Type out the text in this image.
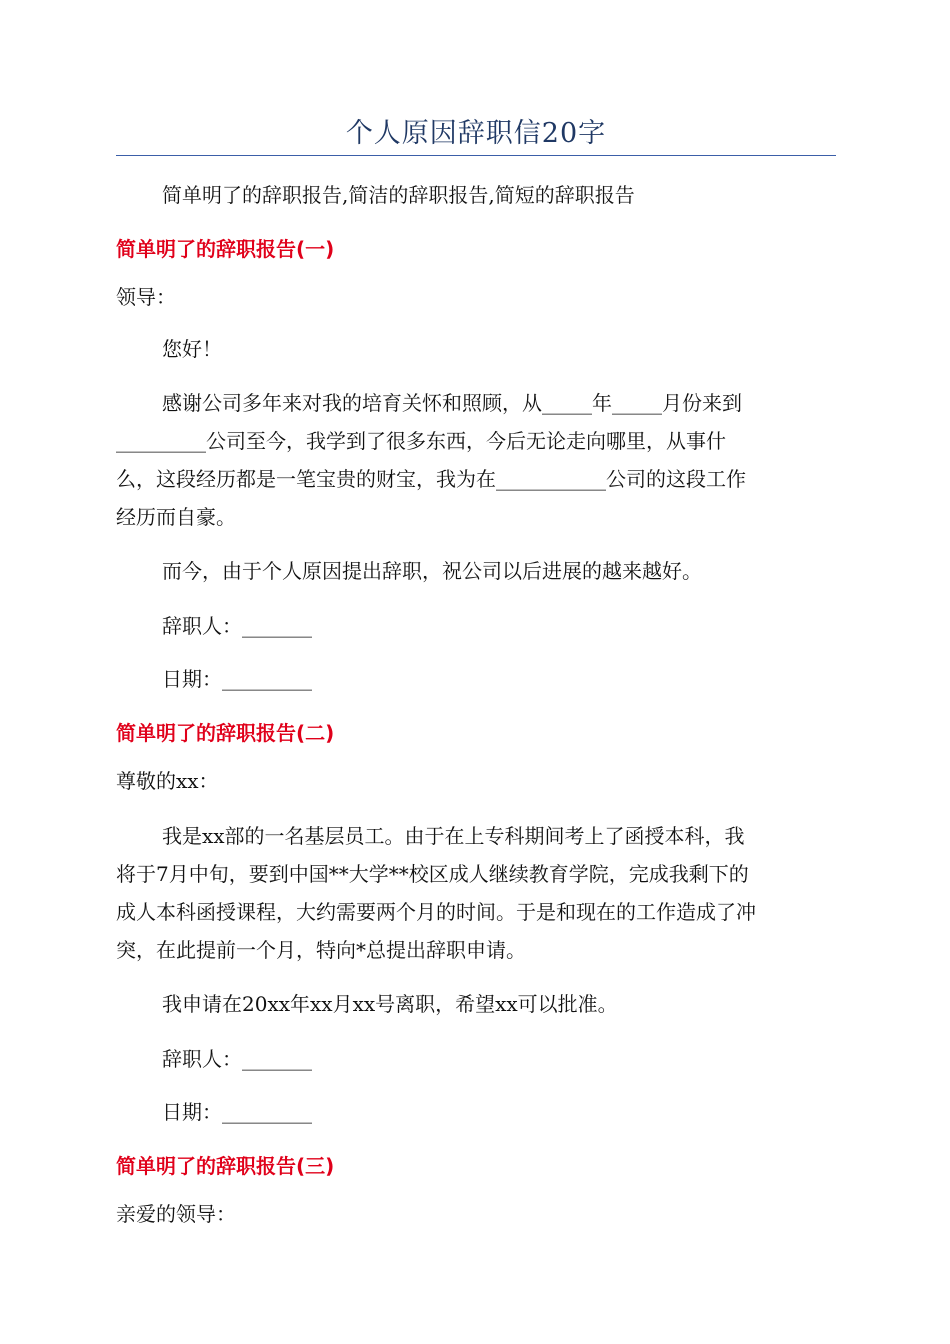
个人原因辞职信20字

简单明了的辞职报告,简洁的辞职报告,简短的辞职报告

简单明了的辞职报告(一)

领导：

您好！

感谢公司多年来对我的培育关怀和照顾，从_____年_____月份来到
_________公司至今，我学到了很多东西，今后无论走向哪里，从事什
么，这段经历都是一笔宝贵的财宝，我为在___________公司的这段工作
经历而自豪。

而今，由于个人原因提出辞职，祝公司以后进展的越来越好。

辞职人：_______

日期：_________

简单明了的辞职报告(二)

尊敬的xx：

我是xx部的一名基层员工。由于在上专科期间考上了函授本科，我
将于7月中旬，要到中国**大学**校区成人继续教育学院，完成我剩下的
成人本科函授课程，大约需要两个月的时间。于是和现在的工作造成了冲
突，在此提前一个月，特向*总提出辞职申请。

我申请在20xx年xx月xx号离职，希望xx可以批准。

辞职人：_______

日期：_________

简单明了的辞职报告(三)

亲爱的领导：
